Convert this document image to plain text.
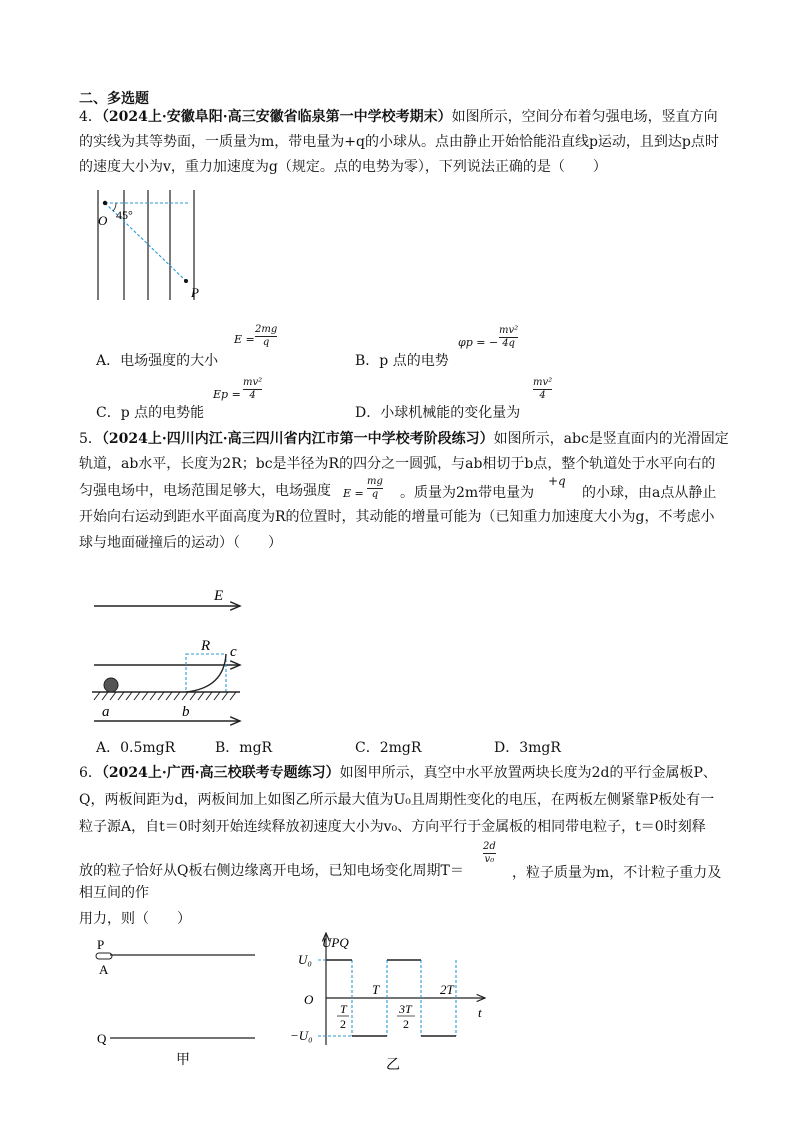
二、多选题
4．（2024上·安徽阜阳·高三安徽省临泉第一中学校考期末）如图所示，空间分布着匀强电场，竖直方向
的实线为其等势面，一质量为m，带电量为+q的小球从。点由静止开始恰能沿直线p运动，且到达p点时
的速度大小为v，重力加速度为g（规定。点的电势为零），下列说法正确的是（　　）
O 45°
P
A．电场强度的大小
E =
2mg
q
B．p 点的电势
φp = −
mv²
4q
C．p 点的电势能
Ep =
mv²
4
D．小球机械能的变化量为
mv²
4
5．（2024上·四川内江·高三四川省内江市第一中学校考阶段练习）如图所示，abc是竖直面内的光滑固定
轨道，ab水平，长度为2R；bc是半径为R的四分之一圆弧，与ab相切于b点，整个轨道处于水平向右的
匀强电场中，电场范围足够大，电场强度 E =
mg
q 。质量为2m带电量为
+q
的小球，由a点从静止
开始向右运动到距水平面高度为R的位置时，其动能的增量可能为（已知重力加速度大小为g，不考虑小
球与地面碰撞后的运动）（　　）
E
a	b
R c
A．0.5mgR	B．mgR	C．2mgR	D．3mgR
6．（2024上·广西·高三校联考专题练习）如图甲所示，真空中水平放置两块长度为2d的平行金属板P、
Q，两板间距为d，两板间加上如图乙所示最大值为U₀且周期性变化的电压，在两板左侧紧靠P板处有一
粒子源A，自t＝0时刻开始连续释放初速度大小为v₀、方向平行于金属板的相同带电粒子，t＝0时刻释
放的粒子恰好从Q板右侧边缘离开电场，已知电场变化周期T＝
2d
v₀
，粒子质量为m，不计粒子重力及
相互间的作
用力，则（　　）
P
A
Q
甲
UPQ
U₀
O
−U₀
T
2
T
3T
2
2T
t
乙
